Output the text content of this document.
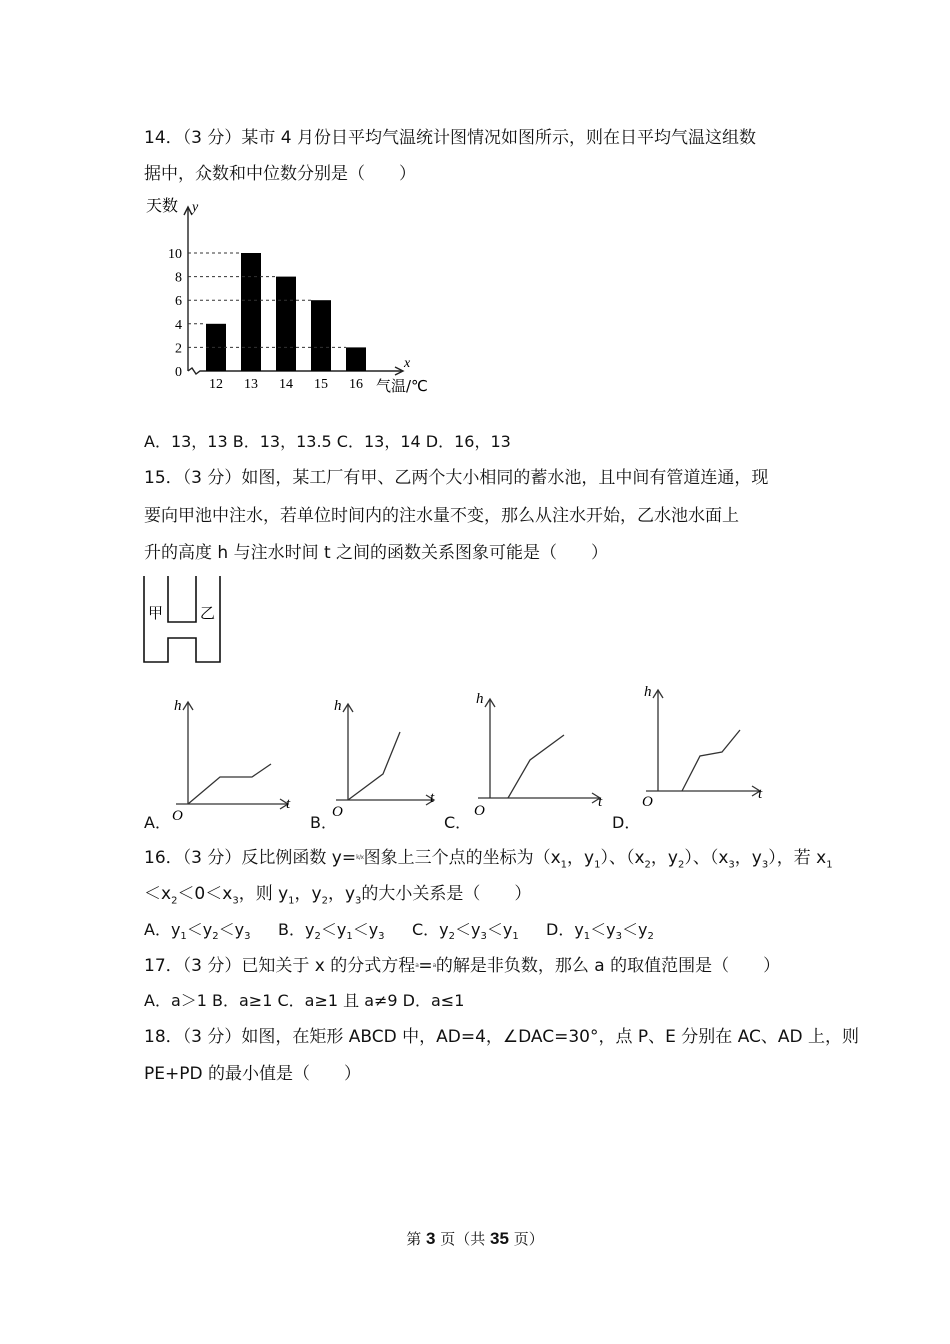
14．（3 分）某市 4 月份日平均气温统计图情况如图所示，则在日平均气温这组数
据中，众数和中位数分别是（　　）
天数 y
x
气温/℃
0
2
4
6
8
10
12 13 14 15 16
A．13，13 B．13，13.5 C．13，14 D．16，13
15．（3 分）如图，某工厂有甲、乙两个大小相同的蓄水池，且中间有管道连通，现
要向甲池中注水，若单位时间内的注水量不变，那么从注水开始，乙水池水面上
升的高度 h 与注水时间 t 之间的函数关系图象可能是（　　）
甲 乙
h
t
O
A．
h
t
O
B．
h
t
O
C．
h
t
O
D．
16．（3 分）反比例函数 y=k/x图象上三个点的坐标为（$x_1$，$y_1$）、（$x_2$，$y_2$）、（$x_3$，$y_3$），若 $x_1$
$<x_2<0<x_3$，则 $y_1$，$y_2$，$y_3$的大小关系是（　　）
A．$y_1<y_2<y_3$ B．$y_2<y_1<y_3$ C．$y_2<y_3<y_1$ D．$y_1<y_3<y_2$
17．（3 分）已知关于 x 的分式方程a=a的解是非负数，那么 a 的取值范围是（　　）
A．a＞1 B．a≥1 C．a≥1 且 a≠9 D．a≤1
18．（3 分）如图，在矩形 ABCD 中，AD=4，∠DAC=30°，点 P、E 分别在 AC、AD 上，则
PE+PD 的最小值是（　　）
第 3 页（共 35 页）
